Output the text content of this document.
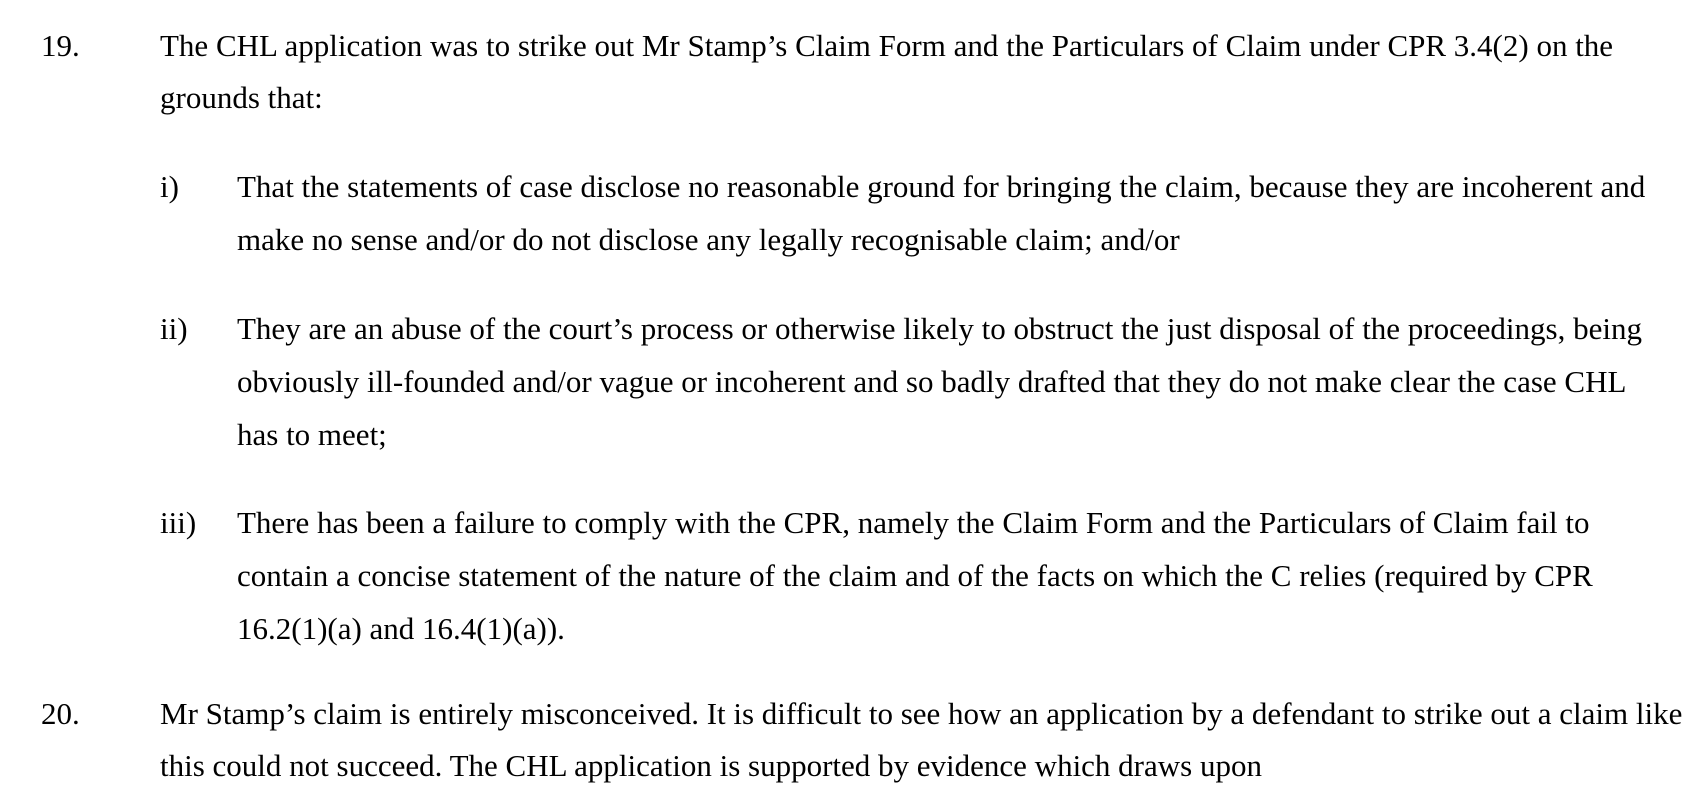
19.	The CHL application was to strike out Mr Stamp’s Claim Form and the Particulars of Claim under CPR 3.4(2) on the grounds that:
i) That the statements of case disclose no reasonable ground for bringing the claim, because they are incoherent and make no sense and/or do not disclose any legally recognisable claim; and/or
ii) They are an abuse of the court’s process or otherwise likely to obstruct the just disposal of the proceedings, being obviously ill-founded and/or vague or incoherent and so badly drafted that they do not make clear the case CHL has to meet;
iii) There has been a failure to comply with the CPR, namely the Claim Form and the Particulars of Claim fail to contain a concise statement of the nature of the claim and of the facts on which the C relies (required by CPR 16.2(1)(a) and 16.4(1)(a)).
20.	Mr Stamp’s claim is entirely misconceived. It is difficult to see how an application by a defendant to strike out a claim like this could not succeed. The CHL application is supported by evidence which draws upon
